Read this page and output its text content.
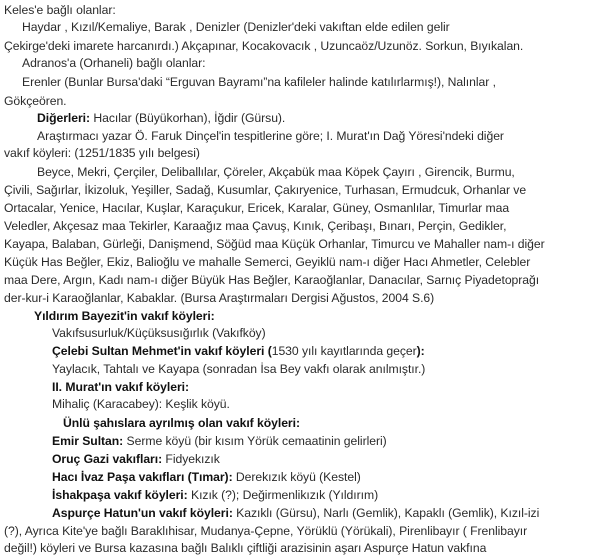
Keles'e bağlı olanlar:
Haydar , Kızıl/Kemaliye, Barak , Denizler (Denizler'deki vakıftan elde edilen gelir
Çekirge'deki imarete harcanırdı.) Akçapınar, Kocakovacık , Uzuncaöz/Uzunöz. Sorkun, Bıyıkalan.
Adranos'a (Orhaneli) bağlı olanlar:
Erenler (Bunlar Bursa'daki “Erguvan Bayramı”na kafileler halinde katılırlarmış!), Nalınlar ,
Gökçeören.
Diğerleri: Hacılar (Büyükorhan), İğdir (Gürsu).
Araştırmacı yazar Ö. Faruk Dinçel'in tespitlerine göre; I. Murat'ın Dağ Yöresi'ndeki diğer
vakıf köyleri: (1251/1835 yılı belgesi)
Beyce, Mekri, Çerçiler, Deliballılar, Çöreler, Akçabük maa Köpek Çayırı , Girencik, Burmu,
Çivili, Sağırlar, İkizoluk, Yeşiller, Sadağ, Kusumlar, Çakıryenice, Turhasan, Ermudcuk, Orhanlar ve
Ortacalar, Yenice, Hacılar, Kuşlar, Karaçukur, Ericek, Karalar, Güney, Osmanlılar, Timurlar maa
Veledler, Akçesaz maa Tekirler, Karaağız maa Çavuş, Kınık, Çeribaşı, Bınarı, Perçin, Gedikler,
Kayapa, Balaban, Gürleği, Danişmend, Söğüd maa Küçük Orhanlar, Timurcu ve Mahaller nam-ı diğer
Küçük Has Beğler, Ekiz, Balioğlu ve mahalle Semerci, Geyiklü nam-ı diğer Hacı Ahmetler, Celebler
maa Dere, Argın, Kadı nam-ı diğer Büyük Has Beğler, Karaoğlanlar, Danacılar, Sarnıç Piyadetoprağı
der-kur-i Karaoğlanlar, Kabaklar. (Bursa Araştırmaları Dergisi Ağustos, 2004 S.6)
Yıldırım Bayezit'in vakıf köyleri:
Vakıfsusurluk/Küçüksusığırlık (Vakıfköy)
Çelebi Sultan Mehmet'in vakıf köyleri (1530 yılı kayıtlarında geçer):
Yaylacık, Tahtalı ve Kayapa (sonradan İsa Bey vakfı olarak anılmıştır.)
II. Murat'ın vakıf köyleri:
Mihaliç (Karacabey): Keşlik köyü.
Ünlü şahıslara ayrılmış olan vakıf köyleri:
Emir Sultan: Serme köyü (bir kısım Yörük cemaatinin gelirleri)
Oruç Gazi vakıfları: Fidyekızık
Hacı İvaz Paşa vakıfları (Tımar): Derekızık köyü (Kestel)
İshakpaşa vakıf köyleri: Kızık (?); Değirmenlikızık (Yıldırım)
Aspurçe Hatun'un vakıf köyleri: Kazıklı (Gürsu), Narlı (Gemlik), Kapaklı (Gemlik), Kızıl-izi
(?), Ayrıca Kite'ye bağlı Baraklıhisar, Mudanya-Çepne, Yörüklü (Yörükali), Pirenlibayır ( Frenlibayır
değil!) köyleri ve Bursa kazasına bağlı Balıklı çiftliği arazisinin aşarı Aspurçe Hatun vakfına
